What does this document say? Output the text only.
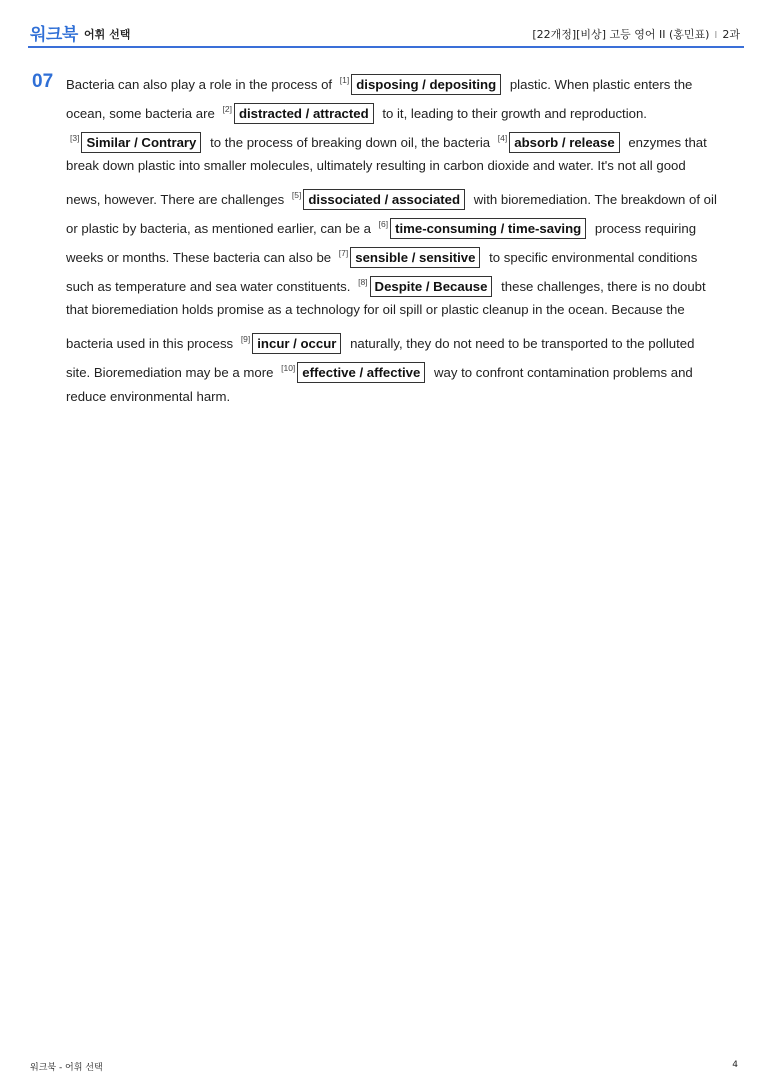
워크북 어휘 선택	[22개정][비상] 고등 영어 II (홍민표) I 2과
07 Bacteria can also play a role in the process of [1] disposing / depositing plastic. When plastic enters the
ocean, some bacteria are [2] distracted / attracted to it, leading to their growth and reproduction.
[3] Similar / Contrary to the process of breaking down oil, the bacteria [4] absorb / release enzymes that
break down plastic into smaller molecules, ultimately resulting in carbon dioxide and water. It's not all good
news, however. There are challenges [5] dissociated / associated with bioremediation. The breakdown of oil
or plastic by bacteria, as mentioned earlier, can be a [6] time-consuming / time-saving process requiring
weeks or months. These bacteria can also be [7] sensible / sensitive to specific environmental conditions
such as temperature and sea water constituents. [8] Despite / Because these challenges, there is no doubt
that bioremediation holds promise as a technology for oil spill or plastic cleanup in the ocean. Because the
bacteria used in this process [9] incur / occur naturally, they do not need to be transported to the polluted
site. Bioremediation may be a more [10] effective / affective way to confront contamination problems and
reduce environmental harm.
워크북 - 어휘 선택	4
